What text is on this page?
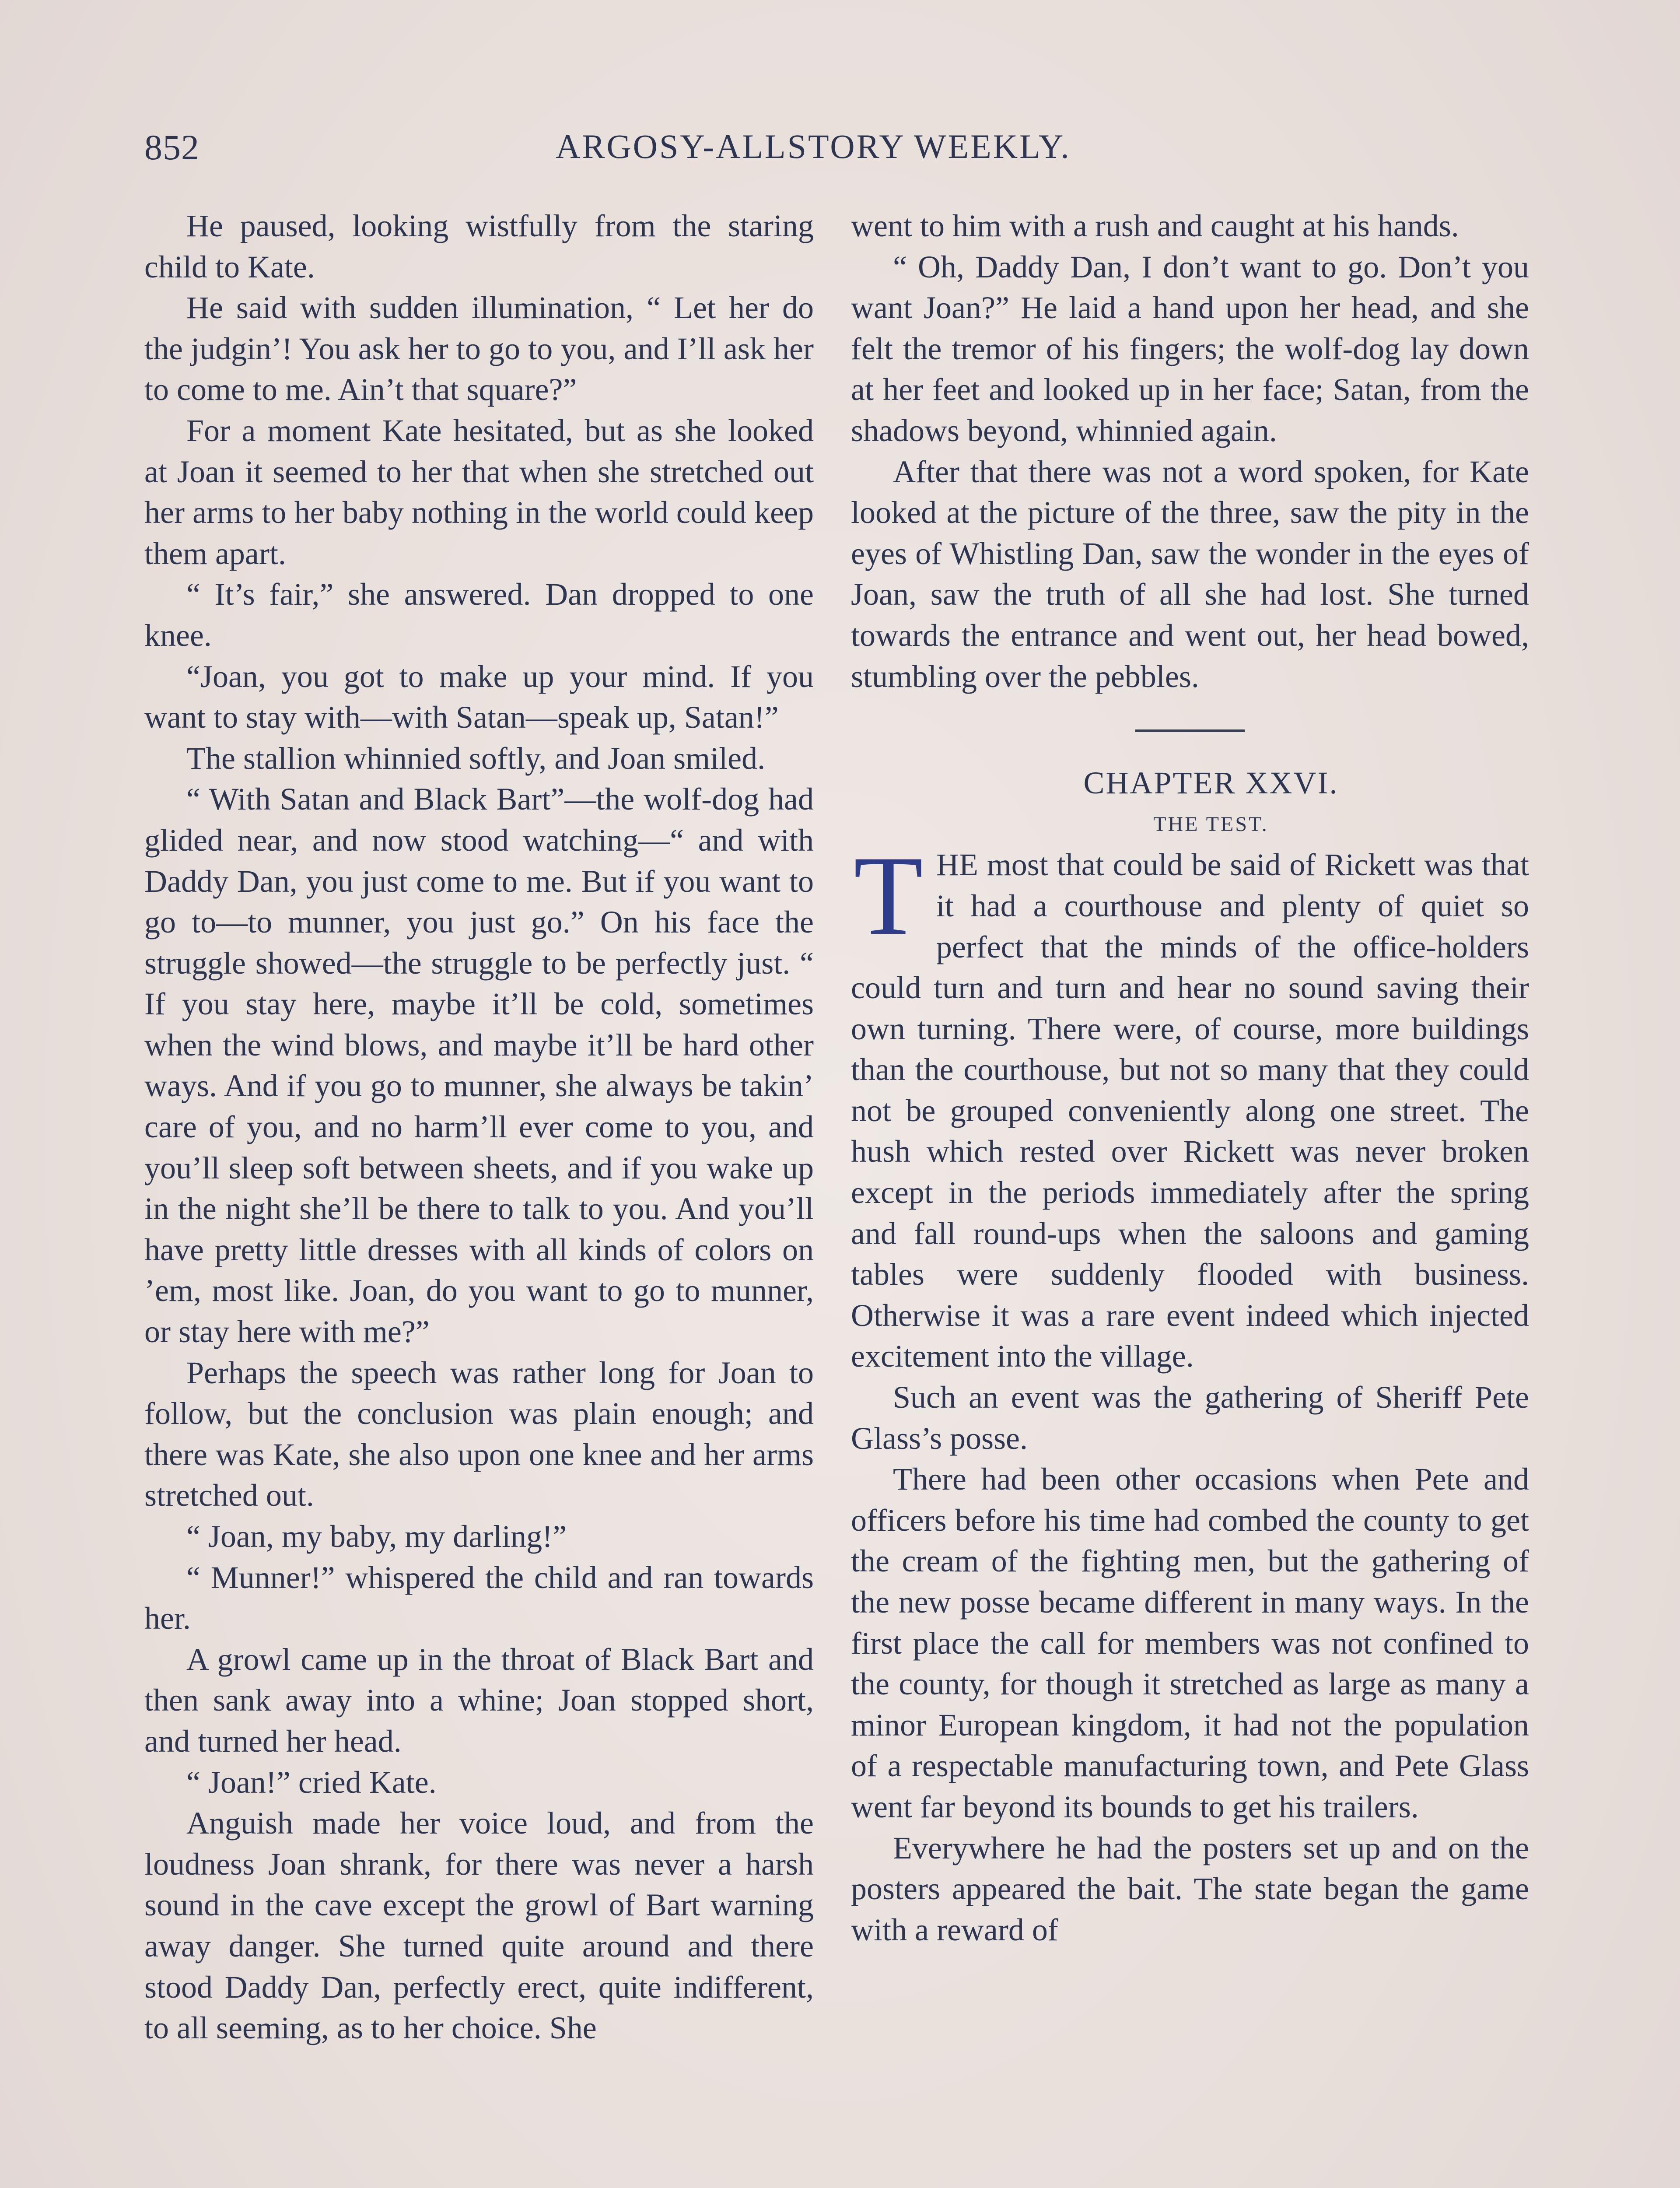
852	ARGOSY-ALLSTORY WEEKLY.

He paused, looking wistfully from the staring child to Kate.

He said with sudden illumination, “ Let her do the judgin’! You ask her to go to you, and I’ll ask her to come to me. Ain’t that square?”

For a moment Kate hesitated, but as she looked at Joan it seemed to her that when she stretched out her arms to her baby nothing in the world could keep them apart.

“ It’s fair,” she answered. Dan dropped to one knee.

“Joan, you got to make up your mind. If you want to stay with—with Satan—speak up, Satan!”

The stallion whinnied softly, and Joan smiled.

“ With Satan and Black Bart”—the wolf-dog had glided near, and now stood watching—“ and with Daddy Dan, you just come to me. But if you want to go to—to munner, you just go.” On his face the struggle showed—the struggle to be perfectly just. “ If you stay here, maybe it’ll be cold, sometimes when the wind blows, and maybe it’ll be hard other ways. And if you go to munner, she always be takin’ care of you, and no harm’ll ever come to you, and you’ll sleep soft between sheets, and if you wake up in the night she’ll be there to talk to you. And you’ll have pretty little dresses with all kinds of colors on ’em, most like. Joan, do you want to go to munner, or stay here with me?”

Perhaps the speech was rather long for Joan to follow, but the conclusion was plain enough; and there was Kate, she also upon one knee and her arms stretched out.

“ Joan, my baby, my darling!”

“ Munner!” whispered the child and ran towards her.

A growl came up in the throat of Black Bart and then sank away into a whine; Joan stopped short, and turned her head.

“ Joan!” cried Kate.

Anguish made her voice loud, and from the loudness Joan shrank, for there was never a harsh sound in the cave except the growl of Bart warning away danger. She turned quite around and there stood Daddy Dan, perfectly erect, quite indifferent, to all seeming, as to her choice. She

went to him with a rush and caught at his hands.

“ Oh, Daddy Dan, I don’t want to go. Don’t you want Joan?” He laid a hand upon her head, and she felt the tremor of his fingers; the wolf-dog lay down at her feet and looked up in her face; Satan, from the shadows beyond, whinnied again.

After that there was not a word spoken, for Kate looked at the picture of the three, saw the pity in the eyes of Whistling Dan, saw the wonder in the eyes of Joan, saw the truth of all she had lost. She turned towards the entrance and went out, her head bowed, stumbling over the pebbles.

CHAPTER XXVI.

THE TEST.

THE most that could be said of Rickett was that it had a courthouse and plenty of quiet so perfect that the minds of the office-holders could turn and turn and hear no sound saving their own turning. There were, of course, more buildings than the courthouse, but not so many that they could not be grouped conveniently along one street. The hush which rested over Rickett was never broken except in the periods immediately after the spring and fall round-ups when the saloons and gaming tables were suddenly flooded with business. Otherwise it was a rare event indeed which injected excitement into the village.

Such an event was the gathering of Sheriff Pete Glass’s posse.

There had been other occasions when Pete and officers before his time had combed the county to get the cream of the fighting men, but the gathering of the new posse became different in many ways. In the first place the call for members was not confined to the county, for though it stretched as large as many a minor European kingdom, it had not the population of a respectable manufacturing town, and Pete Glass went far beyond its bounds to get his trailers.

Everywhere he had the posters set up and on the posters appeared the bait. The state began the game with a reward of
